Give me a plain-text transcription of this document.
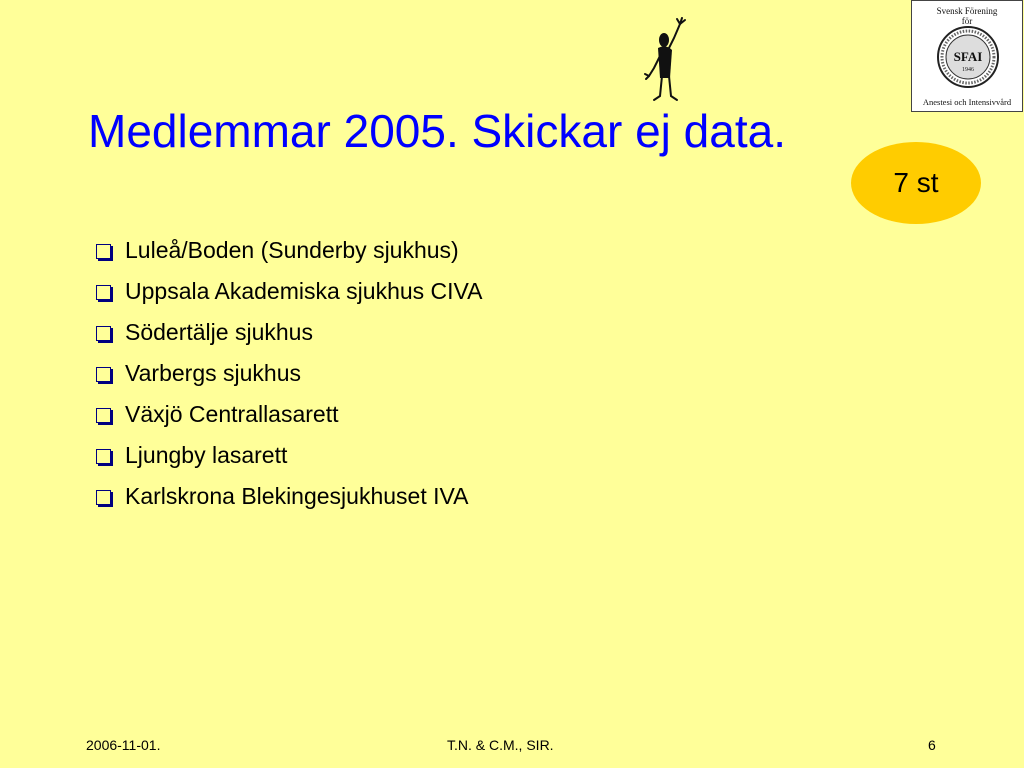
Medlemmar 2005. Skickar ej data.
Svensk Förening
för
SFAI
1946
Anestesi och Intensivvård
7 st
Luleå/Boden (Sunderby sjukhus)
Uppsala Akademiska sjukhus CIVA
Södertälje sjukhus
Varbergs sjukhus
Växjö Centrallasarett
Ljungby lasarett
Karlskrona Blekingesjukhuset IVA
2006-11-01.	T.N. & C.M., SIR.	6
